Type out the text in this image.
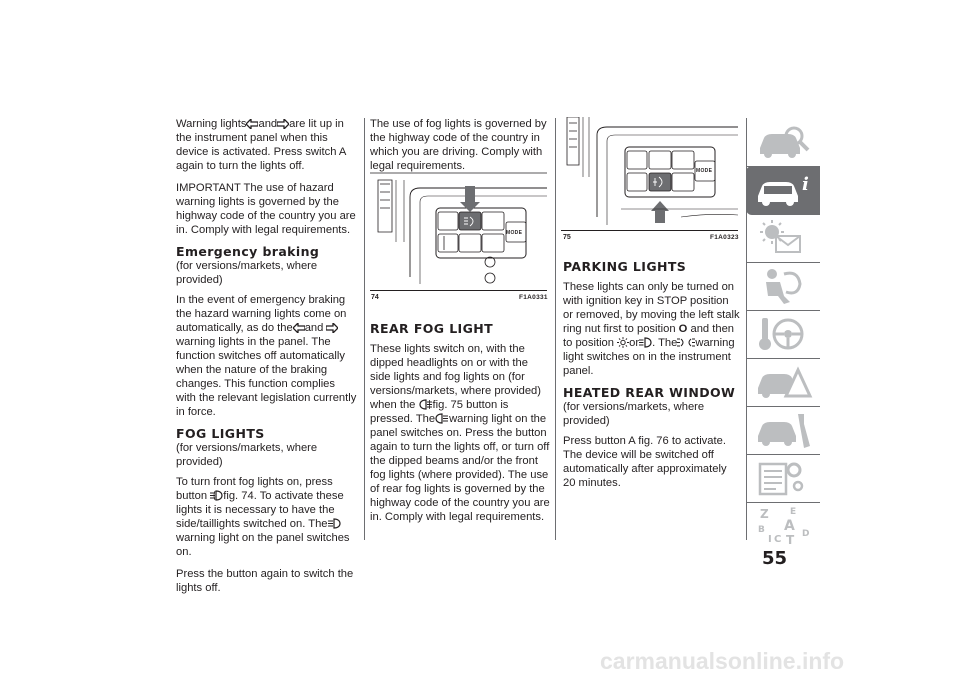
Warning lights and are lit up in the instrument panel when this device is activated. Press switch A again to turn the lights off.

IMPORTANT The use of hazard warning lights is governed by the highway code of the country you are in. Comply with legal requirements.

Emergency braking

(for versions/markets, where provided)

In the event of emergency braking the hazard warning lights come on automatically, as do the and warning lights in the panel. The function switches off automatically when the nature of the braking changes. This function complies with the relevant legislation currently in force.

FOG LIGHTS

(for versions/markets, where provided)

To turn front fog lights on, press button fig. 74. To activate these lights it is necessary to have the side/taillights switched on. Thewarning light on the panel switches on.

Press the button again to switch the lights off.

The use of fog lights is governed by the highway code of the country in which you are driving. Comply with legal requirements.

MODE
74	F1A0331
REAR FOG LIGHT

These lights switch on, with the dipped headlights on or with the side lights and fog lights on (for versions/markets, where provided) when the fig. 75 button is pressed. The warning light on the panel switches on. Press the button again to turn the lights off, or turn off the dipped beams and/or the front fog lights (where provided). The use of rear fog lights is governed by the highway code of the country you are in. Comply with legal requirements.

MODE
75	F1A0323
PARKING LIGHTS

These lights can only be turned on with ignition key in STOP position or removed, by moving the left stalk ring nut first to position O and then to position or . The warning light switches on in the instrument panel.

HEATED REAR WINDOW

(for versions/markets, where provided)

Press button A fig. 76 to activate. The device will be switched off automatically after approximately 20 minutes.

i
Z E
B A D
I C T
55
carmanualsonline.info
